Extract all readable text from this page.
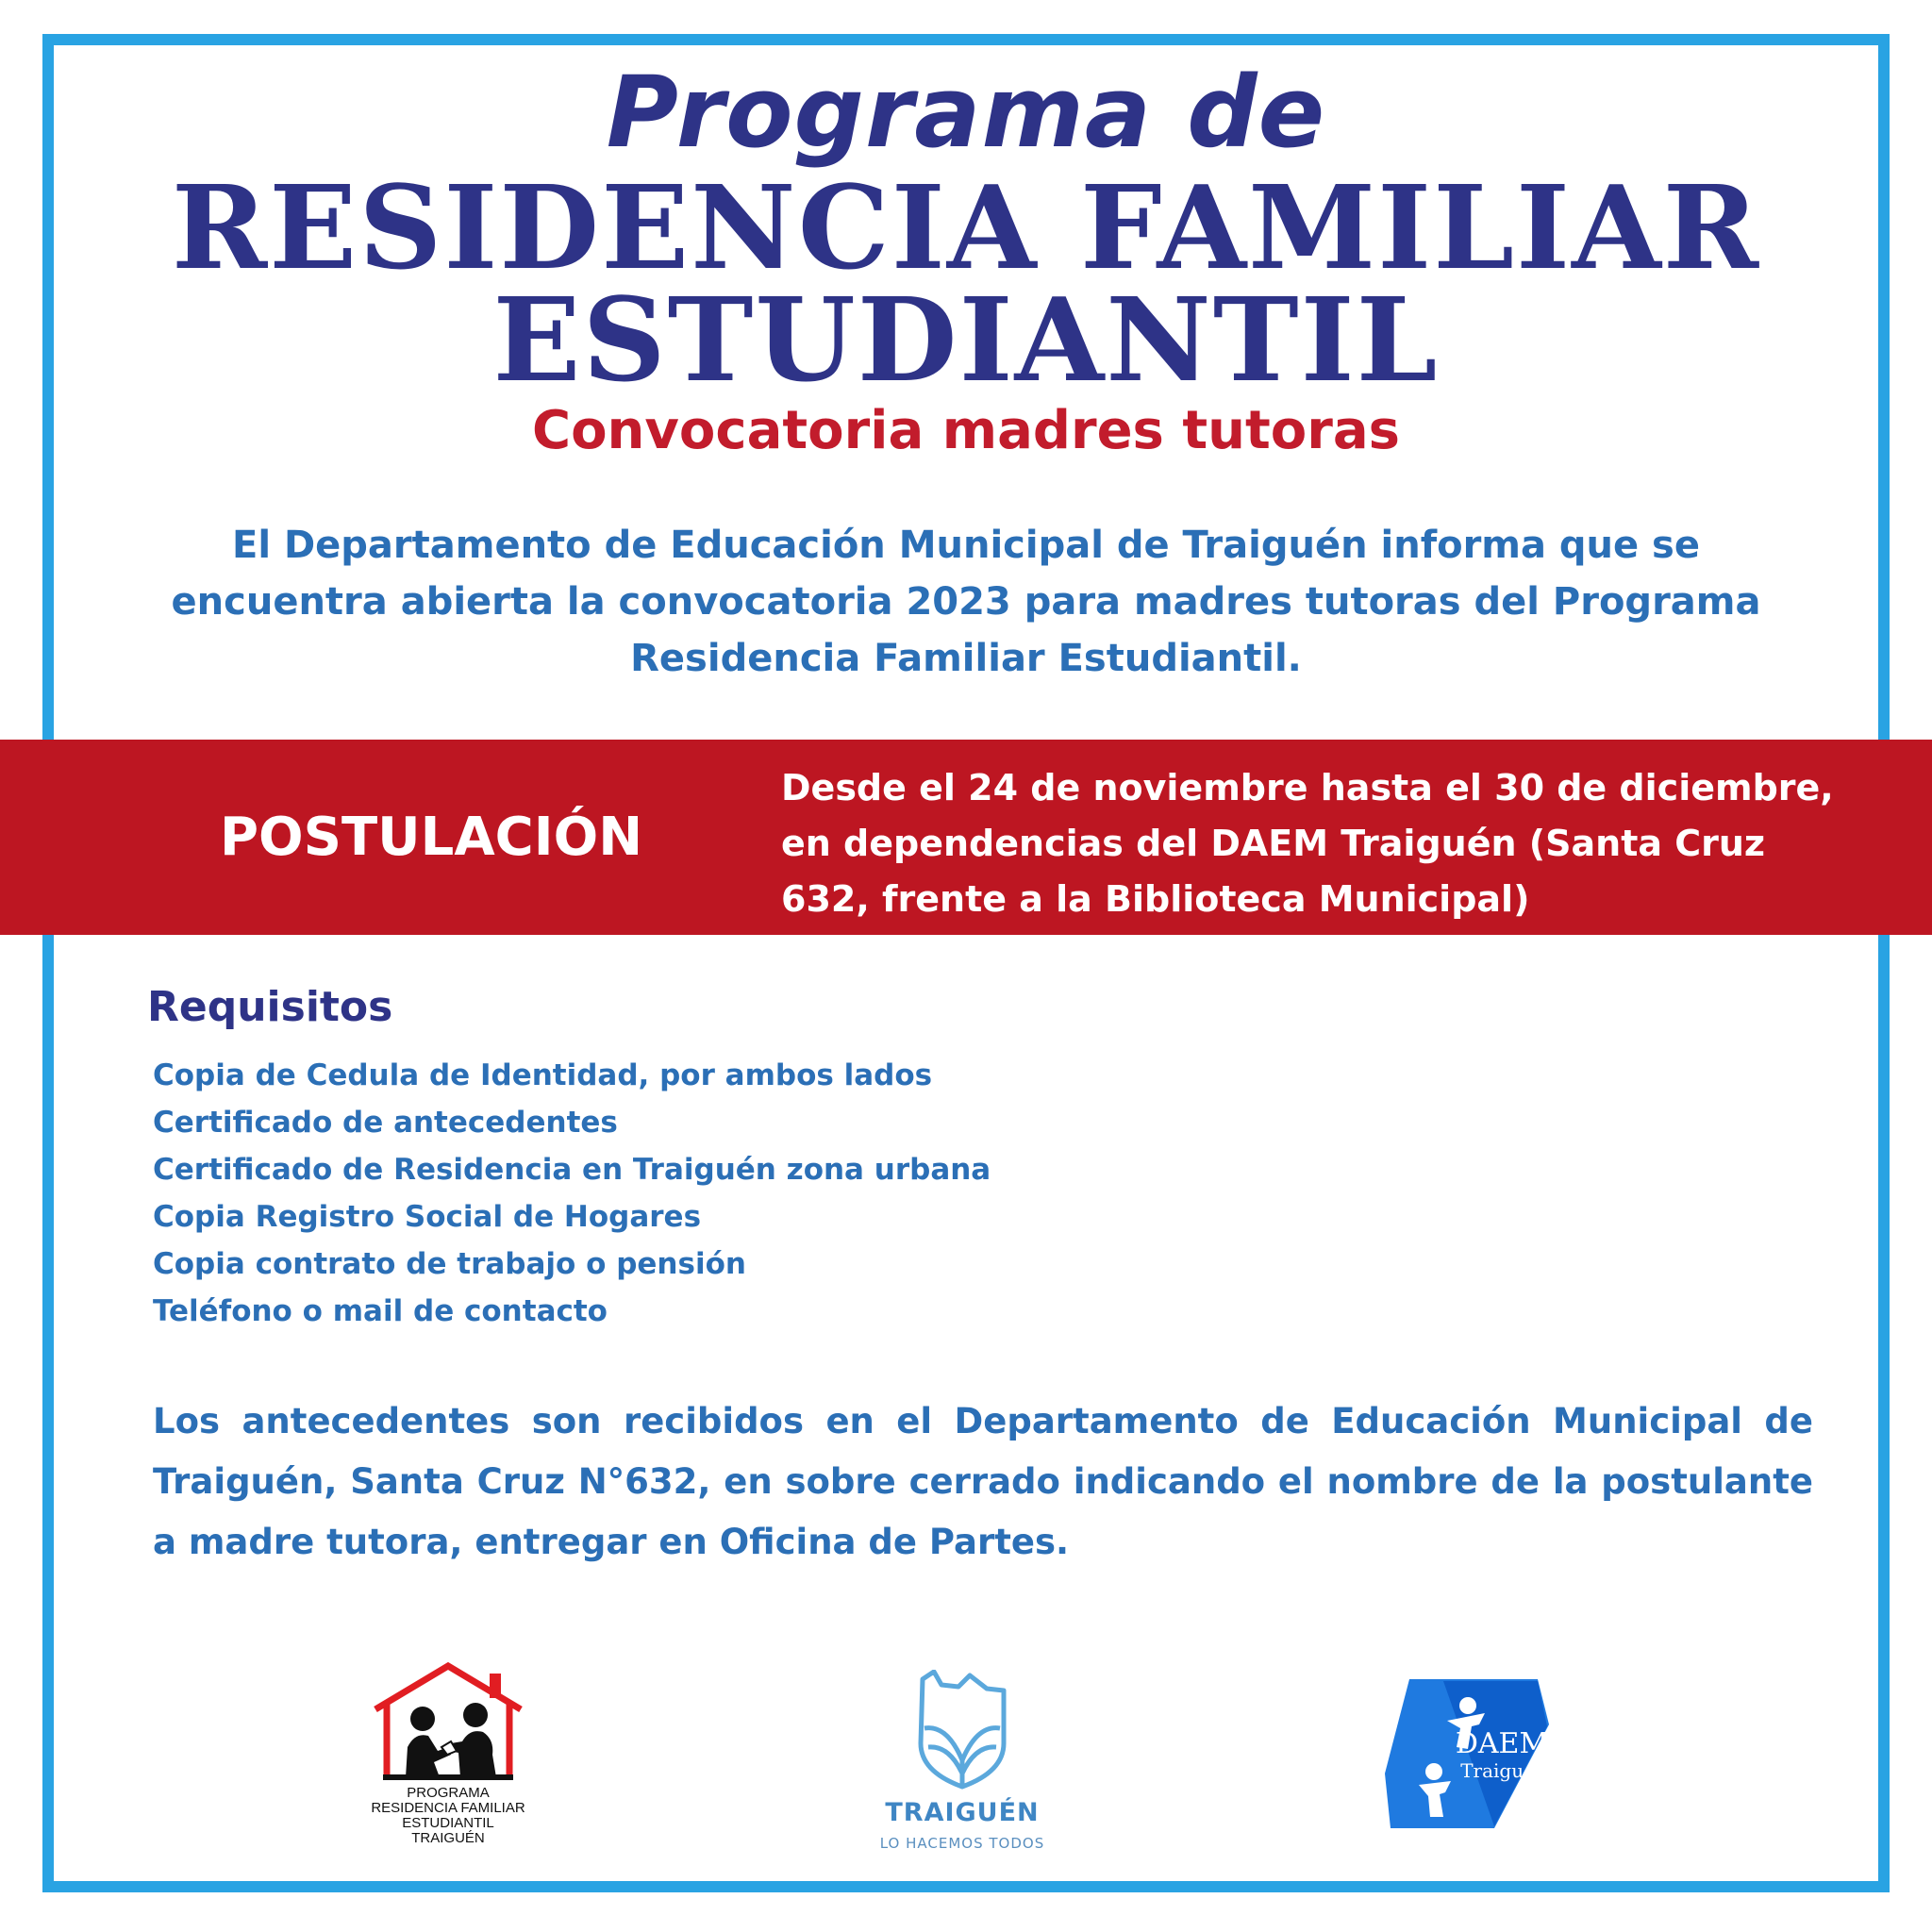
Programa de
RESIDENCIA FAMILIAR
ESTUDIANTIL
Convocatoria madres tutoras
El Departamento de Educación Municipal de Traiguén informa que se
encuentra abierta la convocatoria 2023 para madres tutoras del Programa
Residencia Familiar Estudiantil.
POSTULACIÓN
Desde el 24 de noviembre hasta el 30 de diciembre,
en dependencias del DAEM Traiguén (Santa Cruz
632, frente a la Biblioteca Municipal)
Requisitos
Copia de Cedula de Identidad, por ambos lados
Certificado de antecedentes
Certificado de Residencia en Traiguén zona urbana
Copia Registro Social de Hogares
Copia contrato de trabajo o pensión
Teléfono o mail de contacto
Los antecedentes son recibidos en el Departamento de Educación Municipal de Traiguén, Santa Cruz N°632, en sobre cerrado indicando el nombre de la postulante a madre tutora, entregar en Oficina de Partes.
PROGRAMA
RESIDENCIA FAMILIAR
ESTUDIANTIL
TRAIGUÉN
TRAIGUÉN
LO HACEMOS TODOS
DAEM
Traiguén
